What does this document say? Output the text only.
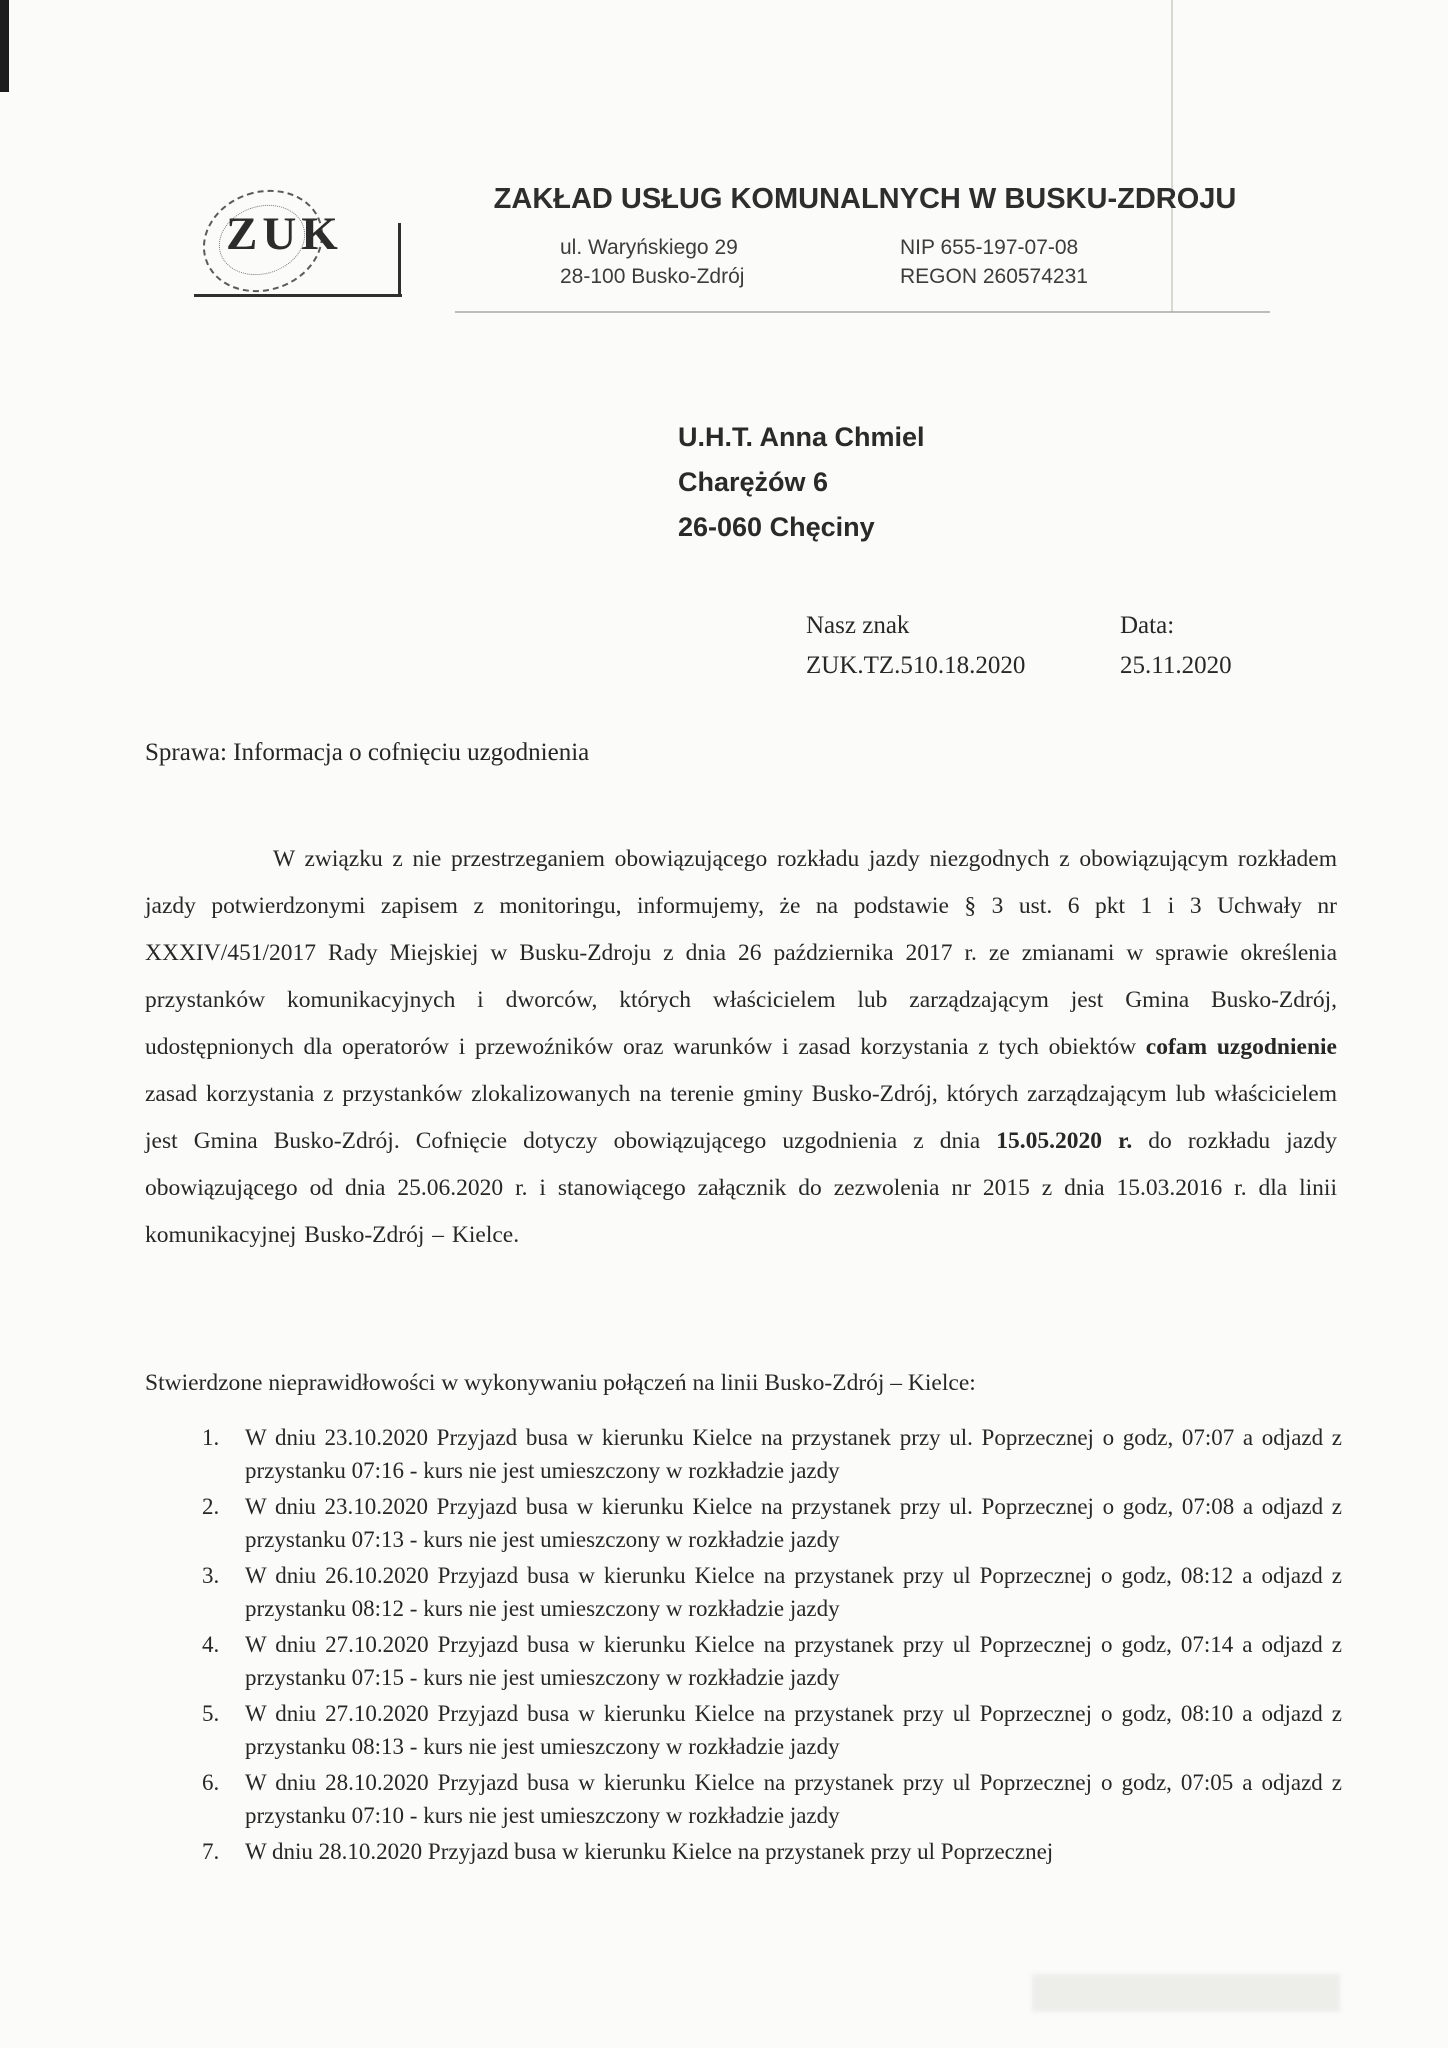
ZUK
ZAKŁAD USŁUG KOMUNALNYCH W BUSKU-ZDROJU
ul. Waryńskiego 29
28-100 Busko-Zdrój
NIP 655-197-07-08
REGON 260574231
U.H.T. Anna Chmiel
Charężów 6
26-060 Chęciny
Nasz znak
ZUK.TZ.510.18.2020
Data:
25.11.2020
Sprawa: Informacja o cofnięciu uzgodnienia
W związku z nie przestrzeganiem obowiązującego rozkładu jazdy niezgodnych z obowiązującym rozkładem jazdy potwierdzonymi zapisem z monitoringu, informujemy, że na podstawie § 3 ust. 6 pkt 1 i 3 Uchwały nr XXXIV/451/2017 Rady Miejskiej w Busku-Zdroju z dnia 26 października 2017 r. ze zmianami w sprawie określenia przystanków komunikacyjnych i dworców, których właścicielem lub zarządzającym jest Gmina Busko-Zdrój, udostępnionych dla operatorów i przewoźników oraz warunków i zasad korzystania z tych obiektów cofam uzgodnienie zasad korzystania z przystanków zlokalizowanych na terenie gminy Busko-Zdrój, których zarządzającym lub właścicielem jest Gmina Busko-Zdrój. Cofnięcie dotyczy obowiązującego uzgodnienia z dnia 15.05.2020 r. do rozkładu jazdy obowiązującego od dnia 25.06.2020 r. i stanowiącego załącznik do zezwolenia nr 2015 z dnia 15.03.2016 r. dla linii komunikacyjnej Busko-Zdrój – Kielce.
Stwierdzone nieprawidłowości w wykonywaniu połączeń na linii Busko-Zdrój – Kielce:
1. W dniu 23.10.2020 Przyjazd busa w kierunku Kielce na przystanek przy ul. Poprzecznej o godz, 07:07 a odjazd z przystanku 07:16 - kurs nie jest umieszczony w rozkładzie jazdy
2. W dniu 23.10.2020 Przyjazd busa w kierunku Kielce na przystanek przy ul. Poprzecznej o godz, 07:08 a odjazd z przystanku 07:13 - kurs nie jest umieszczony w rozkładzie jazdy
3. W dniu 26.10.2020 Przyjazd busa w kierunku Kielce na przystanek przy ul Poprzecznej o godz, 08:12 a odjazd z przystanku 08:12 - kurs nie jest umieszczony w rozkładzie jazdy
4. W dniu 27.10.2020 Przyjazd busa w kierunku Kielce na przystanek przy ul Poprzecznej o godz, 07:14 a odjazd z przystanku 07:15 - kurs nie jest umieszczony w rozkładzie jazdy
5. W dniu 27.10.2020 Przyjazd busa w kierunku Kielce na przystanek przy ul Poprzecznej o godz, 08:10 a odjazd z przystanku 08:13 - kurs nie jest umieszczony w rozkładzie jazdy
6. W dniu 28.10.2020 Przyjazd busa w kierunku Kielce na przystanek przy ul Poprzecznej o godz, 07:05 a odjazd z przystanku 07:10 - kurs nie jest umieszczony w rozkładzie jazdy
7. W dniu 28.10.2020 Przyjazd busa w kierunku Kielce na przystanek przy ul Poprzecznej
